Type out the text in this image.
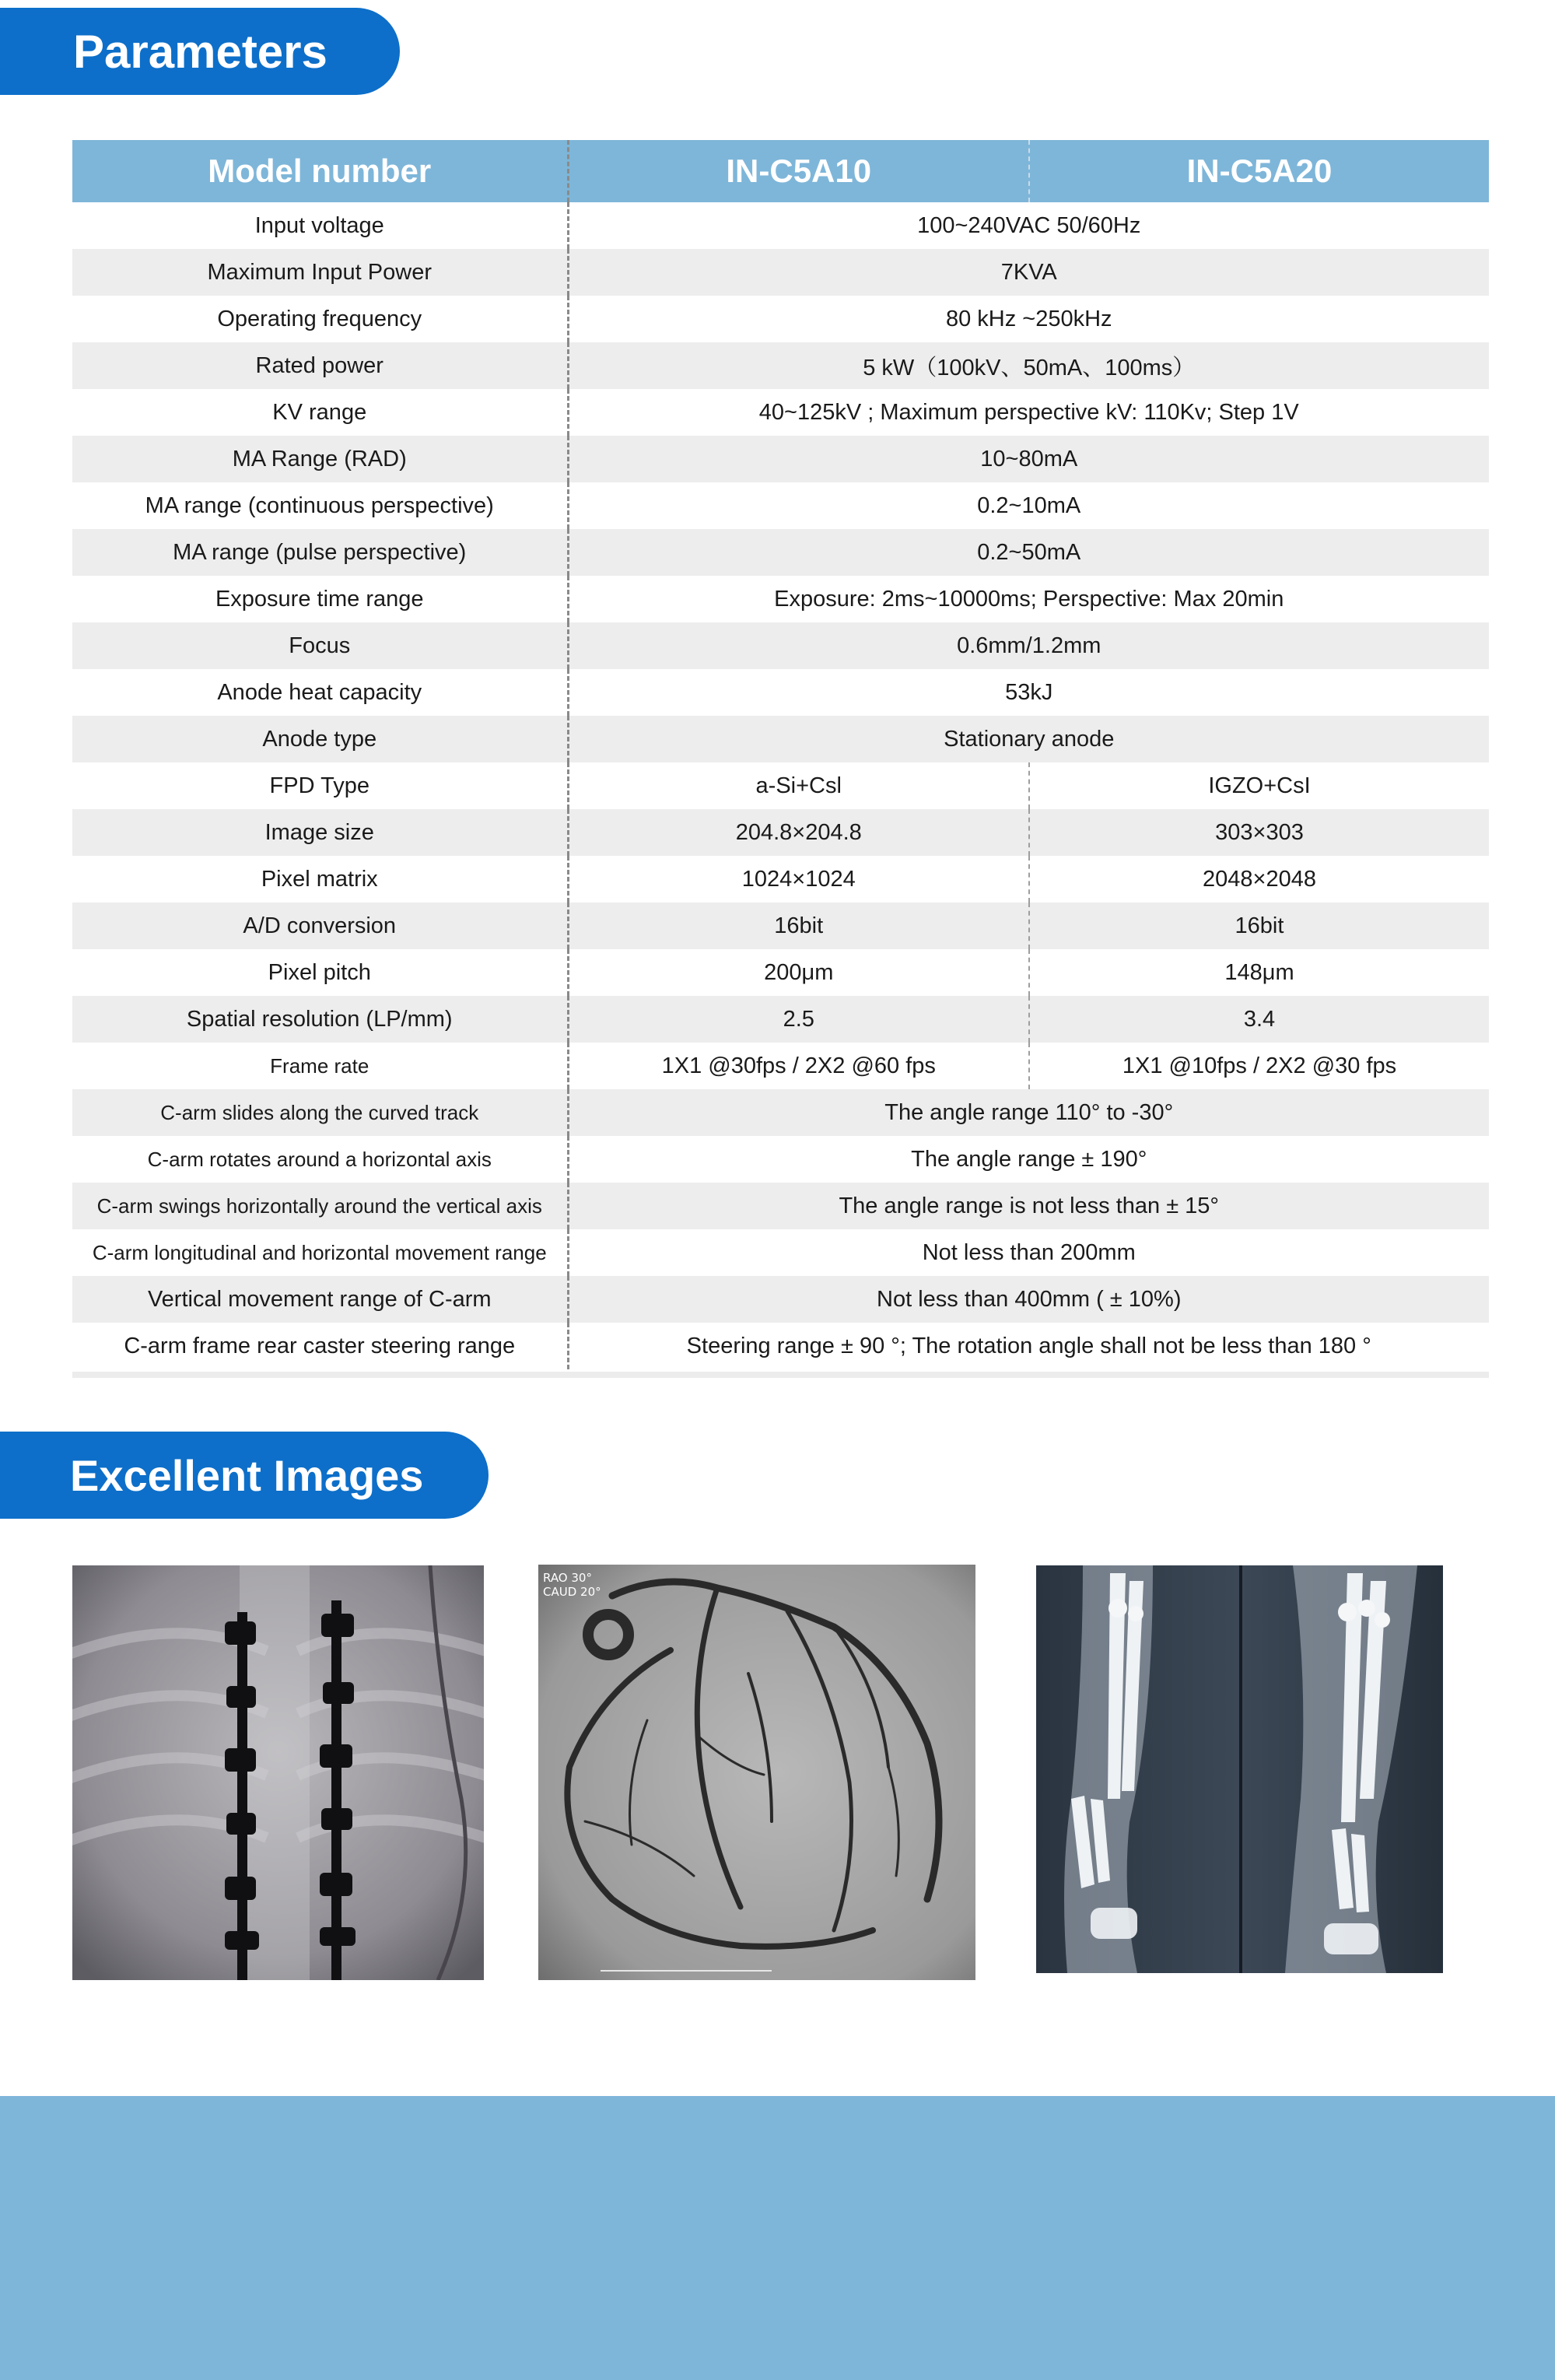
Parameters
Model number	IN-C5A10	IN-C5A20
Input voltage	100~240VAC 50/60Hz	
Maximum Input Power	7KVA	
Operating frequency	80 kHz ~250kHz	
Rated power	5 kW（100kV、50mA、100ms）	
KV range	40~125kV ; Maximum perspective kV: 110Kv; Step 1V	
MA Range (RAD)	10~80mA	
MA range (continuous perspective)	0.2~10mA	
MA range (pulse perspective)	0.2~50mA	
Exposure time range	Exposure: 2ms~10000ms; Perspective: Max 20min	
Focus	0.6mm/1.2mm	
Anode heat capacity	53kJ	
Anode type	Stationary anode	
FPD Type	a-Si+Csl	IGZO+CsI
Image size	204.8×204.8	303×303
Pixel matrix	1024×1024	2048×2048
A/D conversion	16bit	16bit
Pixel pitch	200μm	148μm
Spatial resolution (LP/mm)	2.5	3.4
Frame rate	1X1 @30fps / 2X2 @60 fps	1X1 @10fps / 2X2 @30 fps
C-arm slides along the curved track	The angle range 110° to -30°	
C-arm rotates around a horizontal axis	The angle range ± 190°	
C-arm swings horizontally around the vertical axis	The angle range is not less than ± 15°	
C-arm longitudinal and horizontal movement range	Not less than 200mm	
Vertical movement range of C-arm	Not less than 400mm ( ± 10%)	
C-arm frame rear caster steering range	Steering range ± 90 °; The rotation angle shall not be less than 180 °	
Excellent Images
RAO 30°
CAUD 20°
